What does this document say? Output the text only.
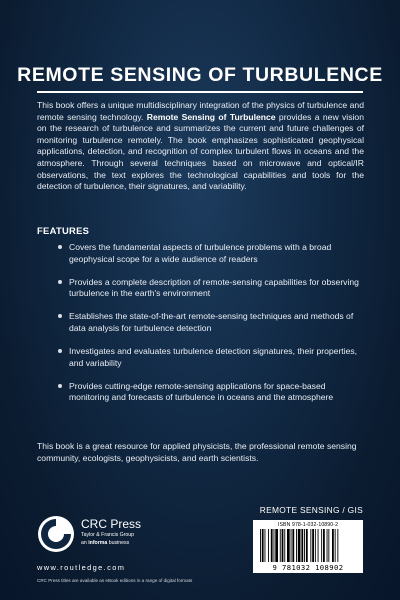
REMOTE SENSING OF TURBULENCE

This book offers a unique multidisciplinary integration of the physics of turbulence and remote sensing technology. Remote Sensing of Turbulence provides a new vision on the research of turbulence and summarizes the current and future challenges of monitoring turbulence remotely. The book emphasizes sophisticated geophysical applications, detection, and recognition of complex turbulent flows in oceans and the atmosphere. Through several techniques based on microwave and optical/IR observations, the text explores the technological capabilities and tools for the detection of turbulence, their signatures, and variability.

FEATURES
Covers the fundamental aspects of turbulence problems with a broad geophysical scope for a wide audience of readers
Provides a complete description of remote-sensing capabilities for observing turbulence in the earth's environment
Establishes the state-of-the-art remote-sensing techniques and methods of data analysis for turbulence detection
Investigates and evaluates turbulence detection signatures, their properties, and variability
Provides cutting-edge remote-sensing applications for space-based monitoring and forecasts of turbulence in oceans and the atmosphere

This book is a great resource for applied physicists, the professional remote sensing community, ecologists, geophysicists, and earth scientists.

REMOTE SENSING / GIS
ISBN 978-1-032-10890-2
9 781032 108902
CRC Press
Taylor & Francis Group
an informa business
www.routledge.com
CRC Press titles are available as eBook editions in a range of digital formats
